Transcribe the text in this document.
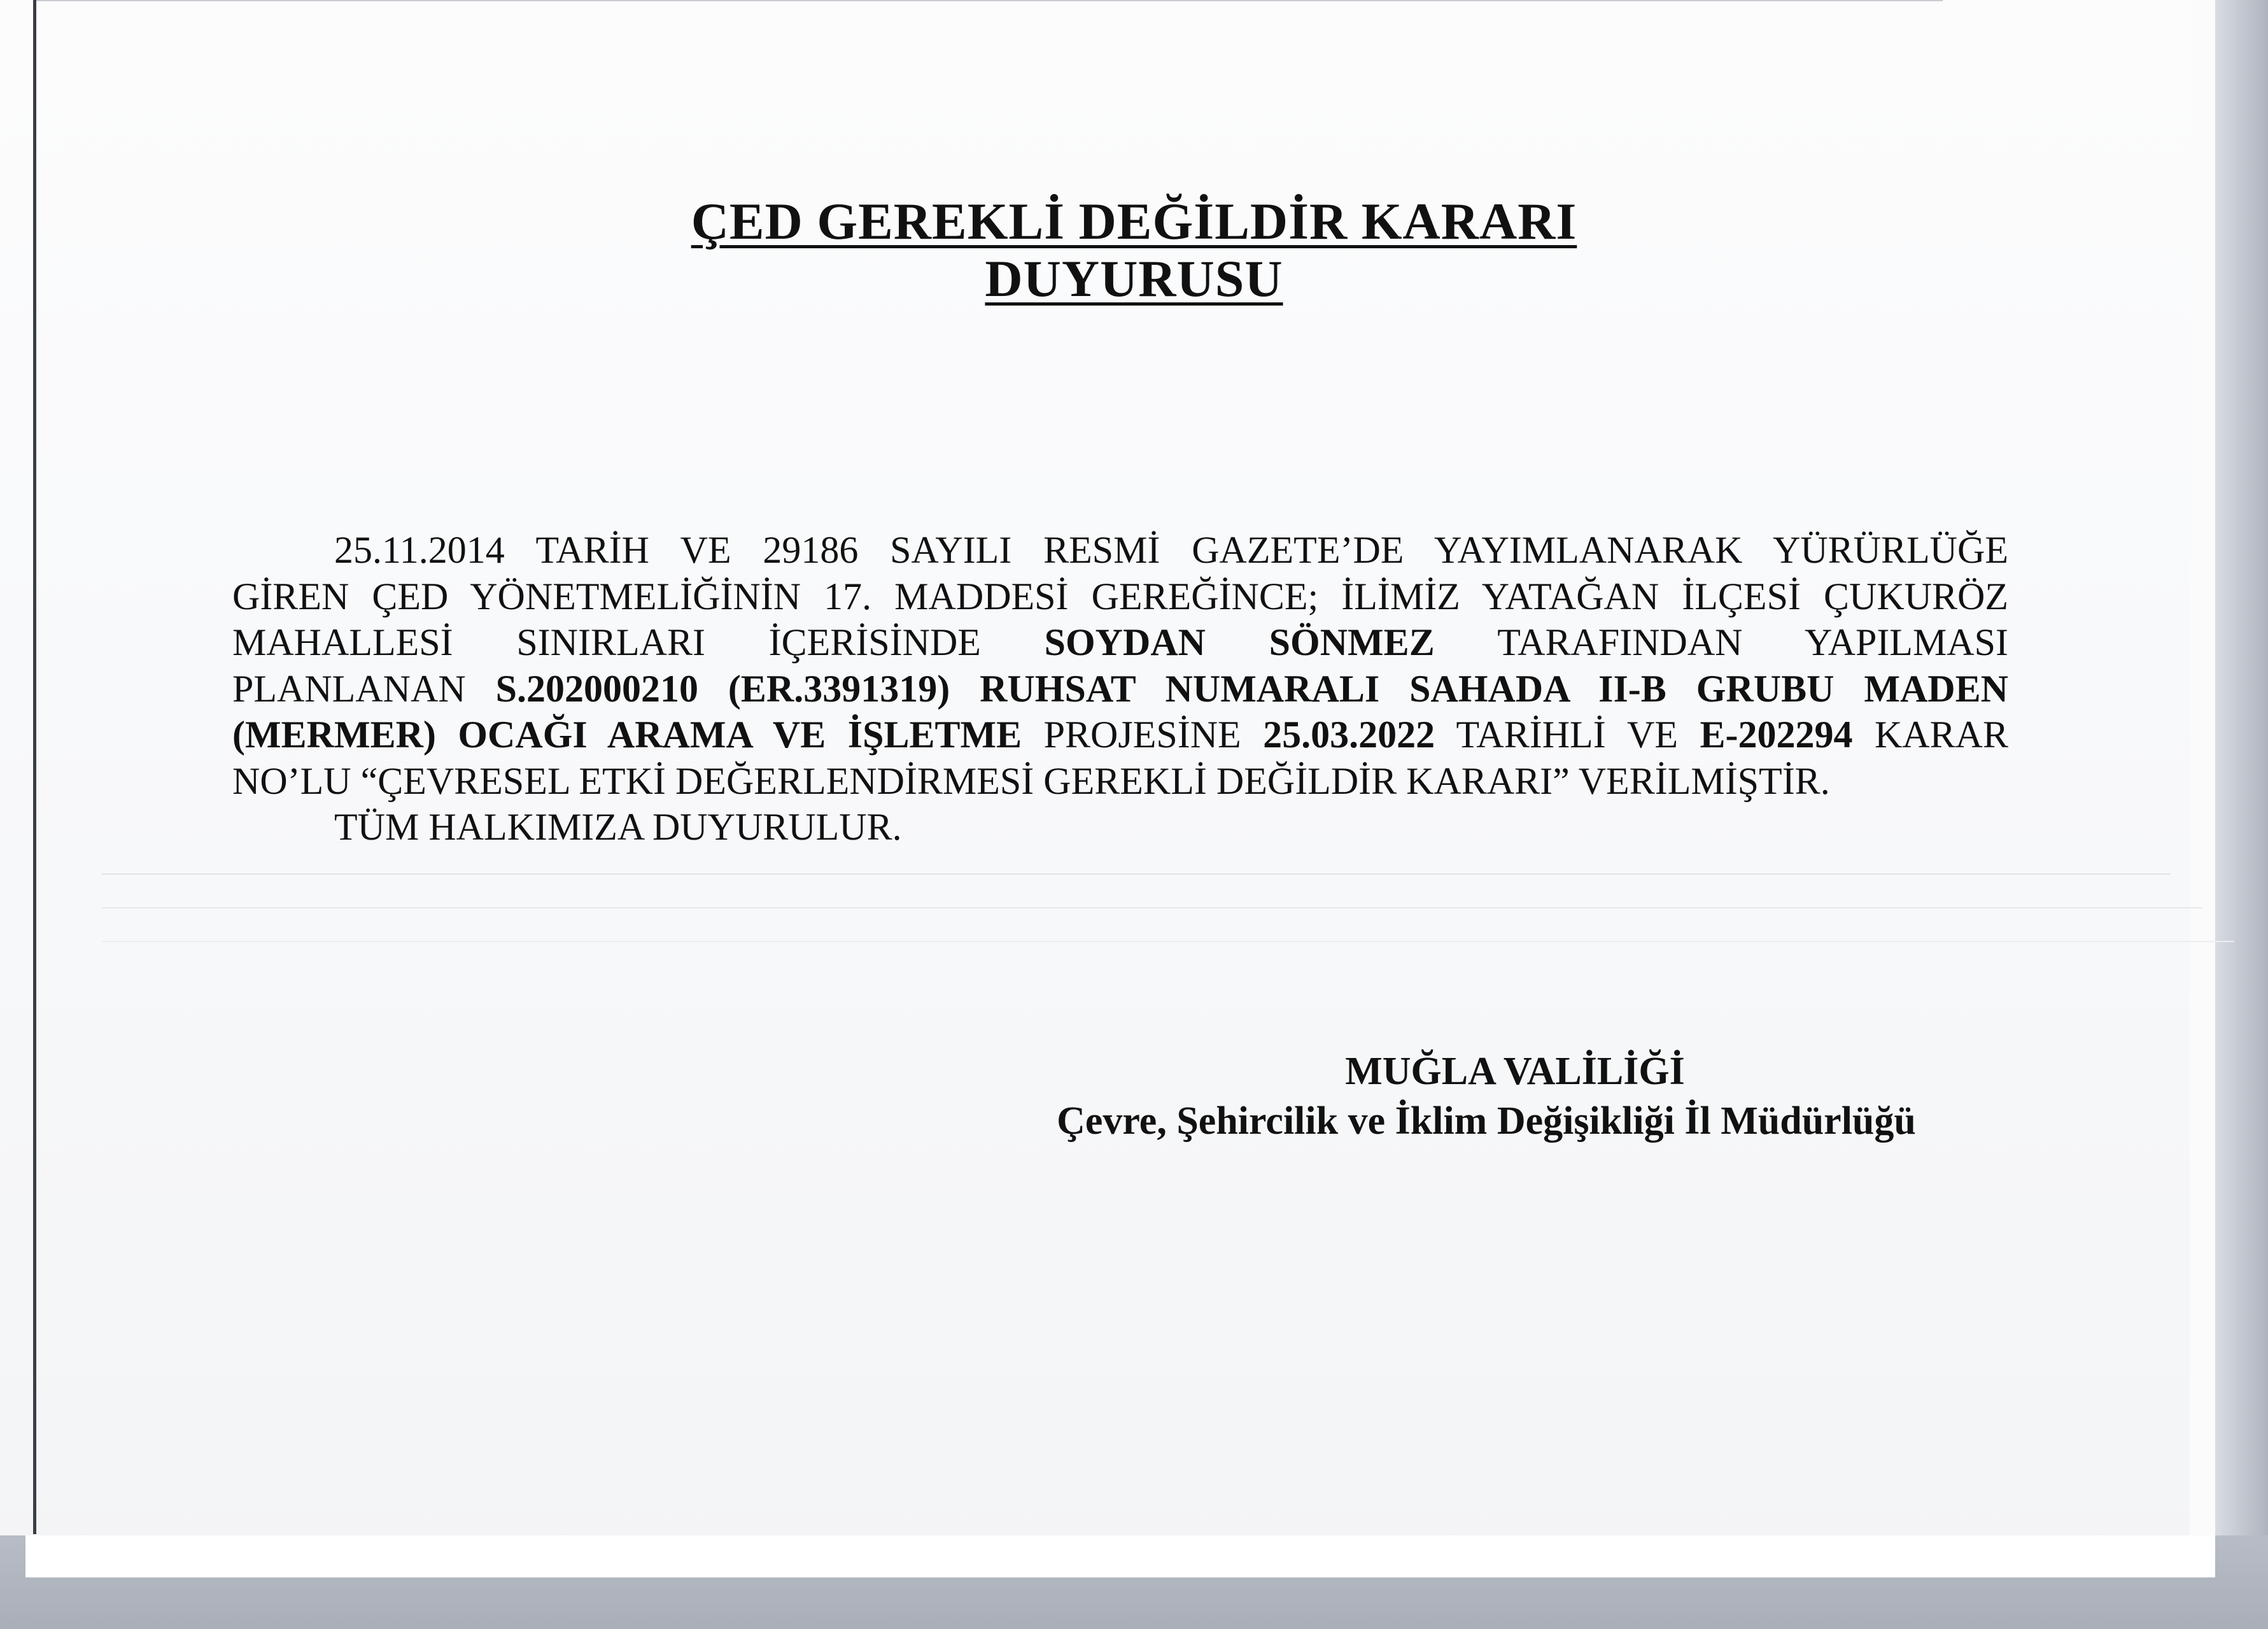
ÇED GEREKLİ DEĞİLDİR KARARI
DUYURUSU
25.11.2014 TARİH VE 29186 SAYILI RESMİ GAZETE’DE YAYIMLANARAK YÜRÜRLÜĞE
GİREN ÇED YÖNETMELİĞİNİN 17. MADDESİ GEREĞİNCE; İLİMİZ YATAĞAN İLÇESİ ÇUKURÖZ
MAHALLESİ SINIRLARI İÇERİSİNDE SOYDAN SÖNMEZ TARAFINDAN YAPILMASI
PLANLANAN S.202000210 (ER.3391319) RUHSAT NUMARALI SAHADA II-B GRUBU MADEN
(MERMER) OCAĞI ARAMA VE İŞLETME PROJESİNE 25.03.2022 TARİHLİ VE E-202294 KARAR
NO’LU “ÇEVRESEL ETKİ DEĞERLENDİRMESİ GEREKLİ DEĞİLDİR KARARI” VERİLMİŞTİR.
TÜM HALKIMIZA DUYURULUR.
MUĞLA VALİLİĞİ
Çevre, Şehircilik ve İklim Değişikliği İl Müdürlüğü
